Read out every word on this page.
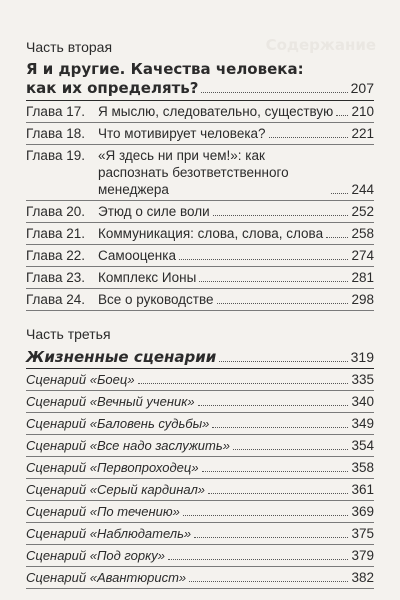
Содержание

Часть вторая

Я и другие. Качества человека:
как их определять?	207
Глава 17. Я мыслю, следовательно, существую 210
Глава 18. Что мотивирует человека?	221
Глава 19. «Я здесь ни при чем!»: как распознать безответственного менеджера	244
Глава 20. Этюд о силе воли	252
Глава 21. Коммуникация: слова, слова, слова 258
Глава 22. Самооценка	274
Глава 23. Комплекс Ионы	281
Глава 24. Все о руководстве	298

Часть третья

Жизненные сценарии	319
Сценарий «Боец»	335
Сценарий «Вечный ученик»	340
Сценарий «Баловень судьбы»	349
Сценарий «Все надо заслужить»	354
Сценарий «Первопроходец»	358
Сценарий «Серый кардинал»	361
Сценарий «По течению»	369
Сценарий «Наблюдатель»	375
Сценарий «Под горку»	379
Сценарий «Авантюрист»	382
